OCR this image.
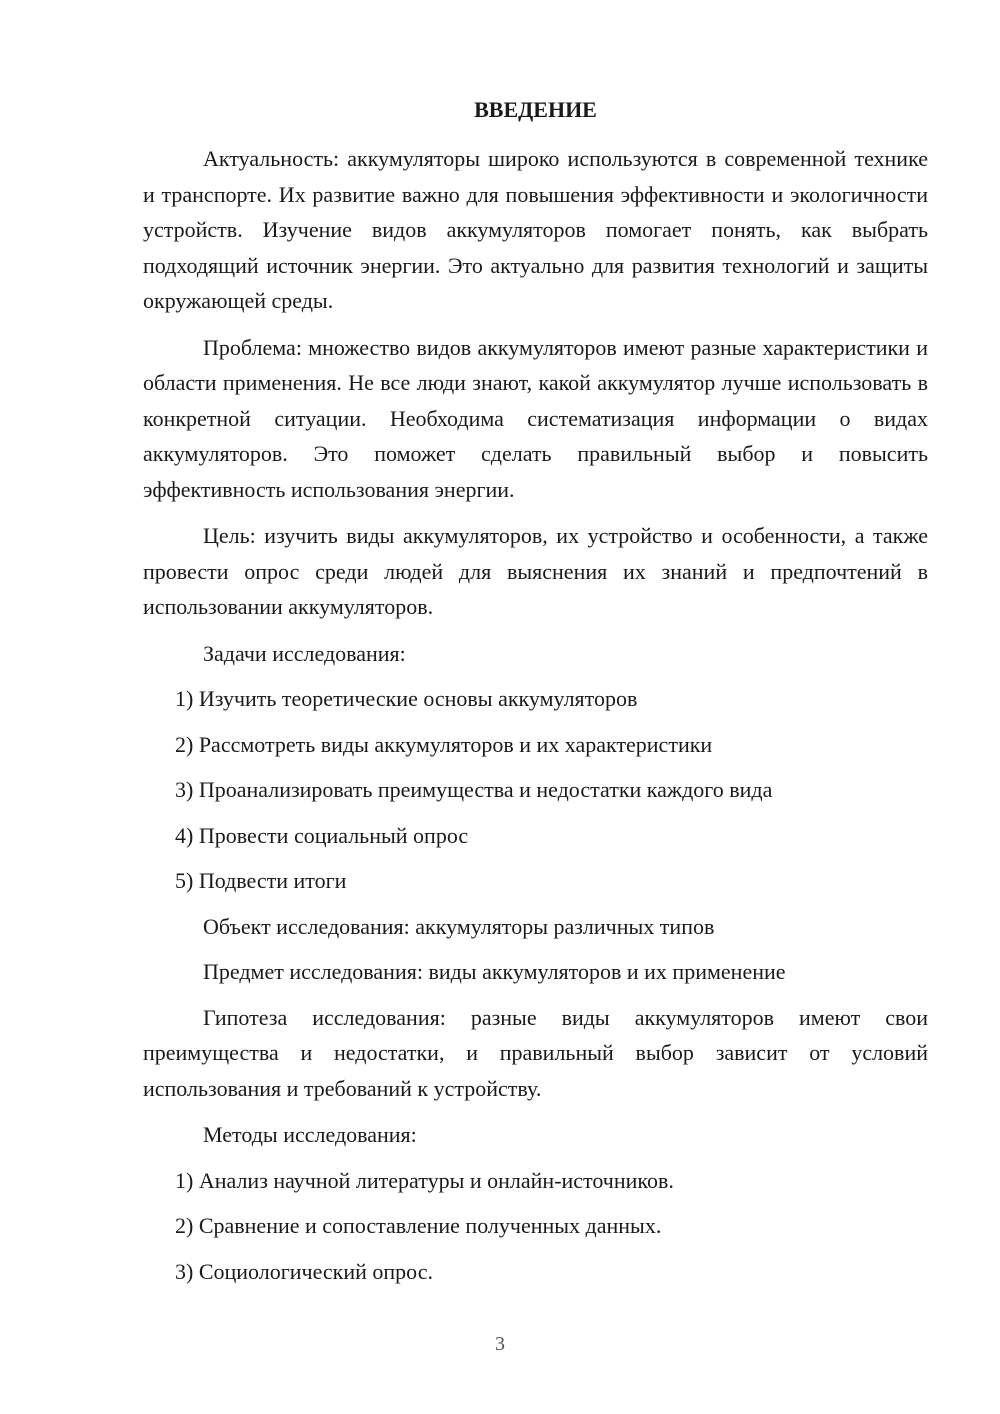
ВВЕДЕНИЕ

Актуальность: аккумуляторы широко используются в современной технике и транспорте. Их развитие важно для повышения эффективности и экологичности устройств. Изучение видов аккумуляторов помогает понять, как выбрать подходящий источник энергии. Это актуально для развития технологий и защиты окружающей среды.

Проблема: множество видов аккумуляторов имеют разные характеристики и области применения. Не все люди знают, какой аккумулятор лучше использовать в конкретной ситуации. Необходима систематизация информации о видах аккумуляторов. Это поможет сделать правильный выбор и повысить эффективность использования энергии.

Цель: изучить виды аккумуляторов, их устройство и особенности, а также провести опрос среди людей для выяснения их знаний и предпочтений в использовании аккумуляторов.

Задачи исследования:

1) Изучить теоретические основы аккумуляторов

2) Рассмотреть виды аккумуляторов и их характеристики

3) Проанализировать преимущества и недостатки каждого вида

4) Провести социальный опрос

5) Подвести итоги

Объект исследования: аккумуляторы различных типов

Предмет исследования: виды аккумуляторов и их применение

Гипотеза исследования: разные виды аккумуляторов имеют свои преимущества и недостатки, и правильный выбор зависит от условий использования и требований к устройству.

Методы исследования:

1) Анализ научной литературы и онлайн-источников.

2) Сравнение и сопоставление полученных данных.

3) Социологический опрос.

3
